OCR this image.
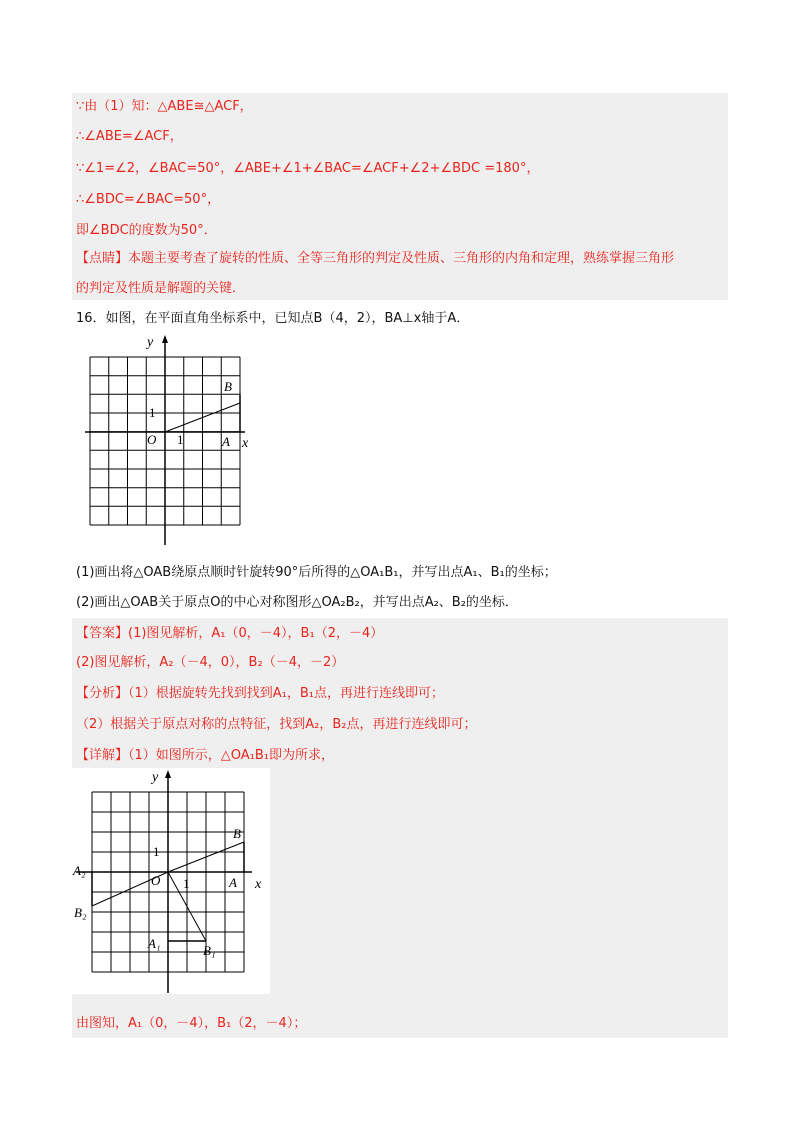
∵由（1）知：△ABE≅△ACF，
∴∠ABE=∠ACF，
∵∠1=∠2，∠BAC=50°，∠ABE+∠1+∠BAC=∠ACF+∠2+∠BDC =180°，
∴∠BDC=∠BAC=50°，
即∠BDC的度数为50°．
【点睛】本题主要考查了旋转的性质、全等三角形的判定及性质、三角形的内角和定理，熟练掌握三角形
的判定及性质是解题的关键．
16．如图，在平面直角坐标系中，已知点B（4，2），BA⊥x轴于A．
y
x
O
1
1	A
B
(1)画出将△OAB绕原点顺时针旋转90°后所得的△OA₁B₁，并写出点A₁、B₁的坐标；
(2)画出△OAB关于原点O的中心对称图形△OA₂B₂，并写出点A₂、B₂的坐标．
【答案】(1)图见解析，A₁（0，－4），B₁（2，－4）
(2)图见解析，A₂（－4，0），B₂（－4，－2）
【分析】（1）根据旋转先找到找到A₁，B₁点，再进行连线即可；
（2）根据关于原点对称的点特征，找到A₂，B₂点，再进行连线即可；
【详解】（1）如图所示，△OA₁B₁即为所求，
y
x
O
1
1	A
B
A₁	B₁
A₂
B₂
由图知，A₁（0，－4），B₁（2，－4）；
